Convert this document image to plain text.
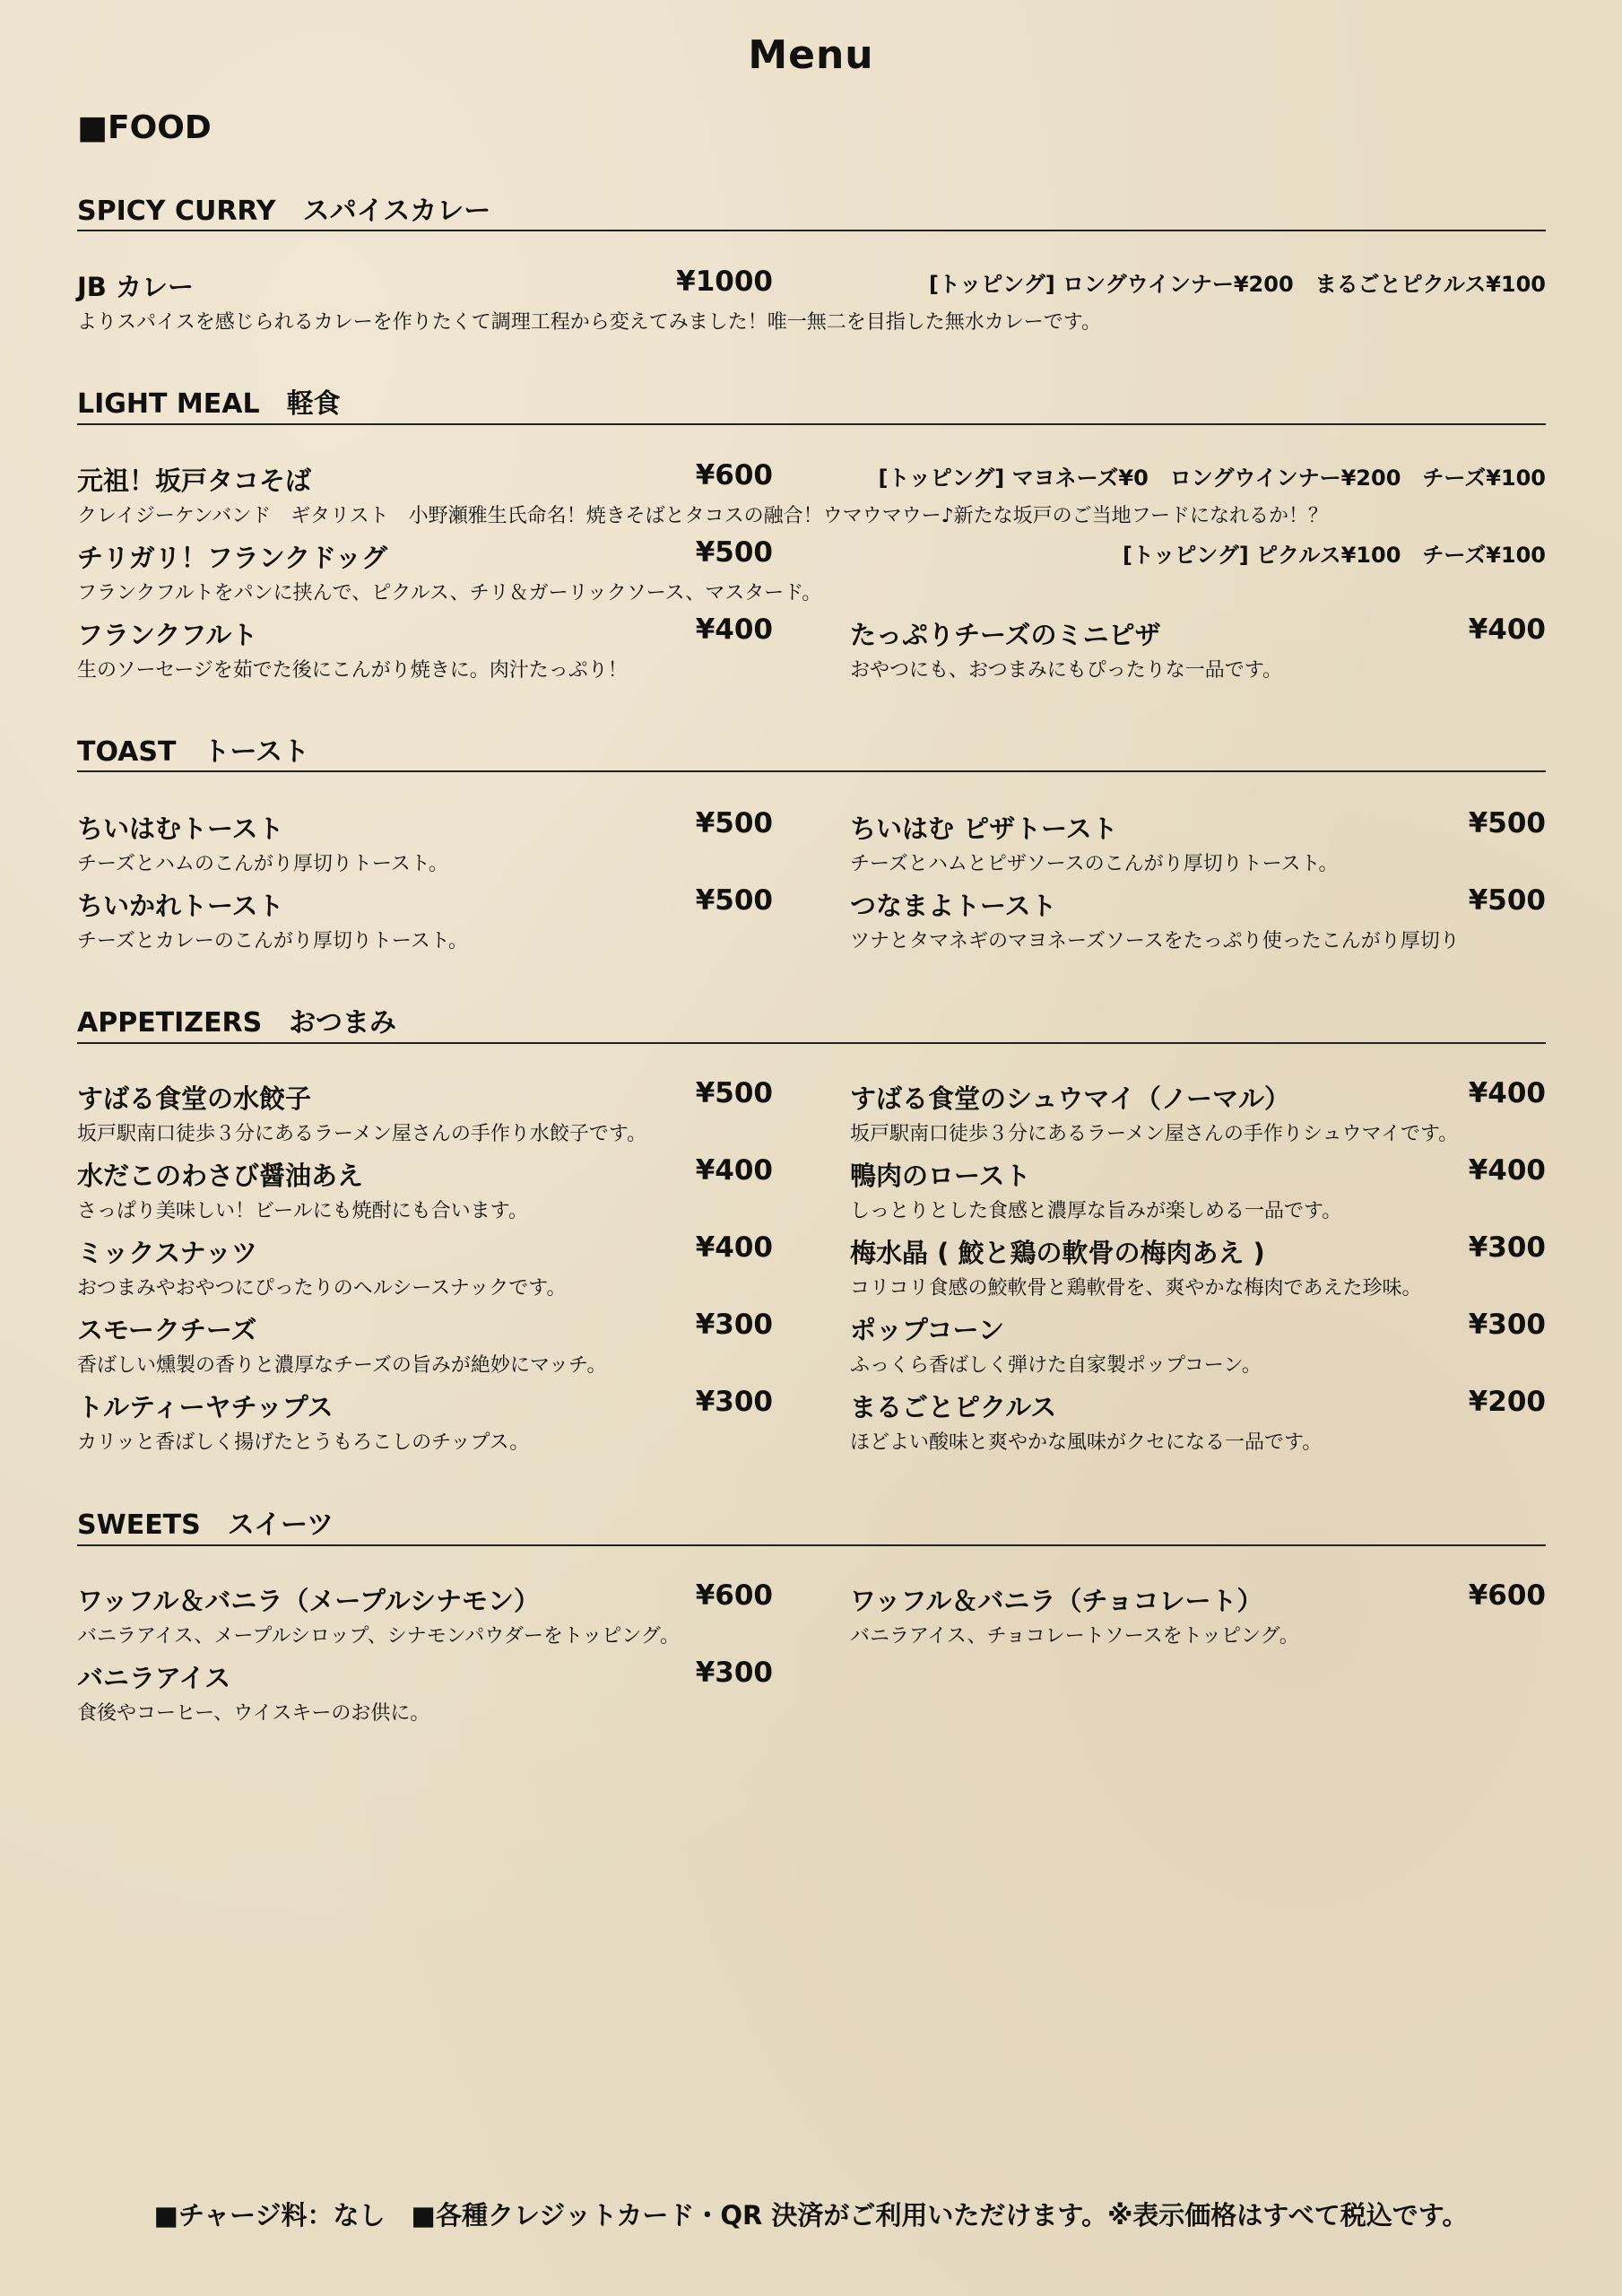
Menu
■FOOD
SPICY CURRY　スパイスカレー
JB カレー	¥1000	[トッピング] ロングウインナー¥200　まるごとピクルス¥100
よりスパイスを感じられるカレーを作りたくて調理工程から変えてみました！唯一無二を目指した無水カレーです。
LIGHT MEAL　軽食
元祖！坂戸タコそば	¥600	[トッピング] マヨネーズ¥0　ロングウインナー¥200　チーズ¥100
クレイジーケンバンド　ギタリスト　小野瀬雅生氏命名！焼きそばとタコスの融合！ウマウマウー♪新たな坂戸のご当地フードになれるか！？
チリガリ！フランクドッグ	¥500	[トッピング] ピクルス¥100　チーズ¥100
フランクフルトをパンに挟んで、ピクルス、チリ＆ガーリックソース、マスタード。
フランクフルト	¥400
生のソーセージを茹でた後にこんがり焼きに。肉汁たっぷり！
たっぷりチーズのミニピザ	¥400
おやつにも、おつまみにもぴったりな一品です。
TOAST　トースト
ちいはむトースト	¥500
チーズとハムのこんがり厚切りトースト。
ちいはむ ピザトースト	¥500
チーズとハムとピザソースのこんがり厚切りトースト。
ちいかれトースト	¥500
チーズとカレーのこんがり厚切りトースト。
つなまよトースト	¥500
ツナとタマネギのマヨネーズソースをたっぷり使ったこんがり厚切り
APPETIZERS　おつまみ
すばる食堂の水餃子	¥500
坂戸駅南口徒歩３分にあるラーメン屋さんの手作り水餃子です。
すばる食堂のシュウマイ（ノーマル）	¥400
坂戸駅南口徒歩３分にあるラーメン屋さんの手作りシュウマイです。
水だこのわさび醤油あえ	¥400
さっぱり美味しい！ビールにも焼酎にも合います。
鴨肉のロースト	¥400
しっとりとした食感と濃厚な旨みが楽しめる一品です。
ミックスナッツ	¥400
おつまみやおやつにぴったりのヘルシースナックです。
梅水晶 ( 鮫と鶏の軟骨の梅肉あえ )	¥300
コリコリ食感の鮫軟骨と鶏軟骨を、爽やかな梅肉であえた珍味。
スモークチーズ	¥300
香ばしい燻製の香りと濃厚なチーズの旨みが絶妙にマッチ。
ポップコーン	¥300
ふっくら香ばしく弾けた自家製ポップコーン。
トルティーヤチップス	¥300
カリッと香ばしく揚げたとうもろこしのチップス。
まるごとピクルス	¥200
ほどよい酸味と爽やかな風味がクセになる一品です。
SWEETS　スイーツ
ワッフル＆バニラ（メープルシナモン）	¥600
バニラアイス、メープルシロップ、シナモンパウダーをトッピング。
ワッフル＆バニラ（チョコレート）	¥600
バニラアイス、チョコレートソースをトッピング。
バニラアイス	¥300
食後やコーヒー、ウイスキーのお供に。
■チャージ料：なし　■各種クレジットカード・QR 決済がご利用いただけます。※表示価格はすべて税込です。
